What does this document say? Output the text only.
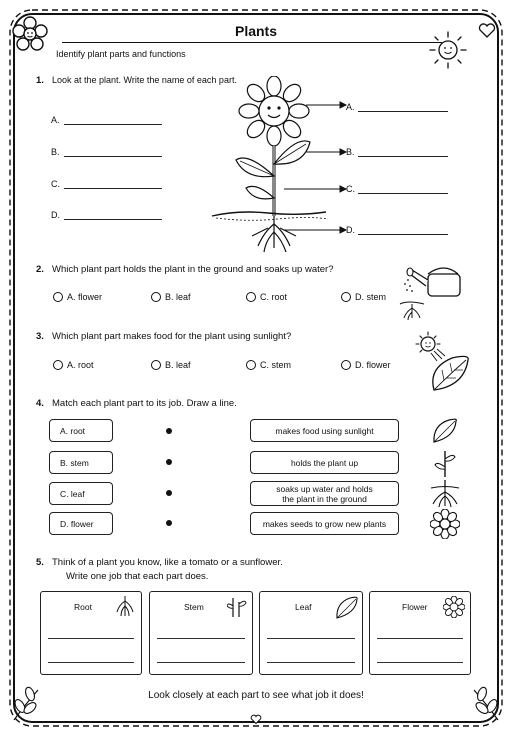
Plants
Identify plant parts and functions
1. Look at the plant. Write the name of each part.
A.
B.
C.
D.
A.
B.
C.
D.
2. Which plant part holds the plant in the ground and soaks up water?
A. flower	B. leaf	C. root	D. stem
3. Which plant part makes food for the plant using sunlight?
A. root	B. leaf	C. stem	D. flower
4. Match each plant part to its job. Draw a line.
A. root
B. stem
C. leaf
D. flower
makes food using sunlight
holds the plant up
soaks up water and holds
the plant in the ground
makes seeds to grow new plants
5. Think of a plant you know, like a tomato or a sunflower.
Write one job that each part does.
Root	Stem	Leaf	Flower
Look closely at each part to see what job it does!
